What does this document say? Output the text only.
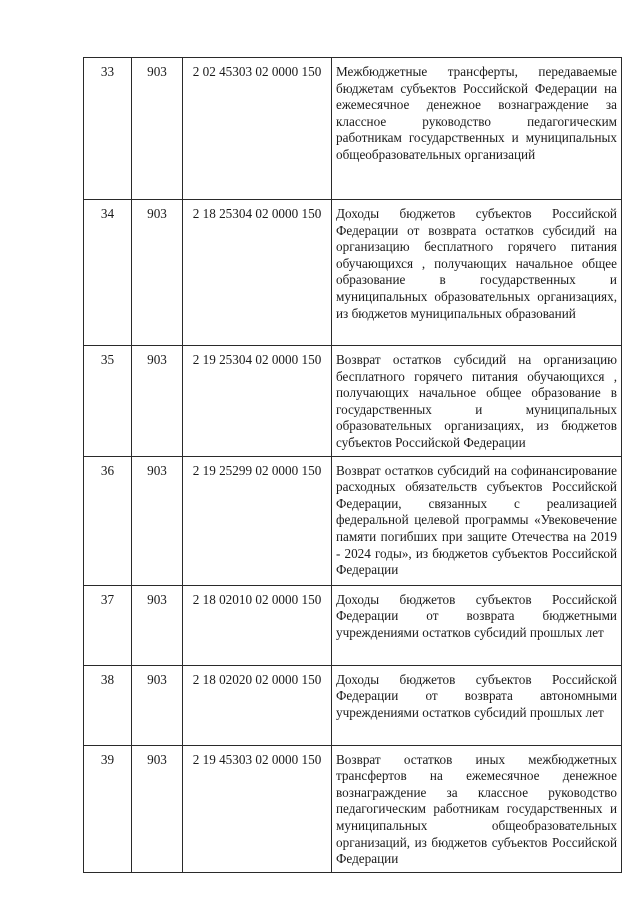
33	903	2 02 45303 02 0000 150	Межбюджетные трансферты, передаваемые бюджетам субъектов Российской Федерации на ежемесячное денежное вознаграждение за классное руководство педагогическим работникам государственных и муниципальных общеобразовательных организаций
34	903	2 18 25304 02 0000 150	Доходы бюджетов субъектов Российской Федерации от возврата остатков субсидий на организацию бесплатного горячего питания обучающихся , получающих начальное общее образование в государственных и муниципальных образовательных организациях, из бюджетов муниципальных образований
35	903	2 19 25304 02 0000 150	Возврат остатков субсидий на организацию бесплатного горячего питания обучающихся , получающих начальное общее образование в государственных и муниципальных образовательных организациях, из бюджетов субъектов Российской Федерации
36	903	2 19 25299 02 0000 150	Возврат остатков субсидий на софинансирование расходных обязательств субъектов Российской Федерации, связанных с реализацией федеральной целевой программы «Увековечение памяти погибших при защите Отечества на 2019 - 2024 годы», из бюджетов субъектов Российской Федерации
37	903	2 18 02010 02 0000 150	Доходы бюджетов субъектов Российской Федерации от возврата бюджетными учреждениями остатков субсидий прошлых лет
38	903	2 18 02020 02 0000 150	Доходы бюджетов субъектов Российской Федерации от возврата автономными учреждениями остатков субсидий прошлых лет
39	903	2 19 45303 02 0000 150	Возврат остатков иных межбюджетных трансфертов на ежемесячное денежное вознаграждение за классное руководство педагогическим работникам государственных и муниципальных общеобразовательных организаций, из бюджетов субъектов Российской Федерации
